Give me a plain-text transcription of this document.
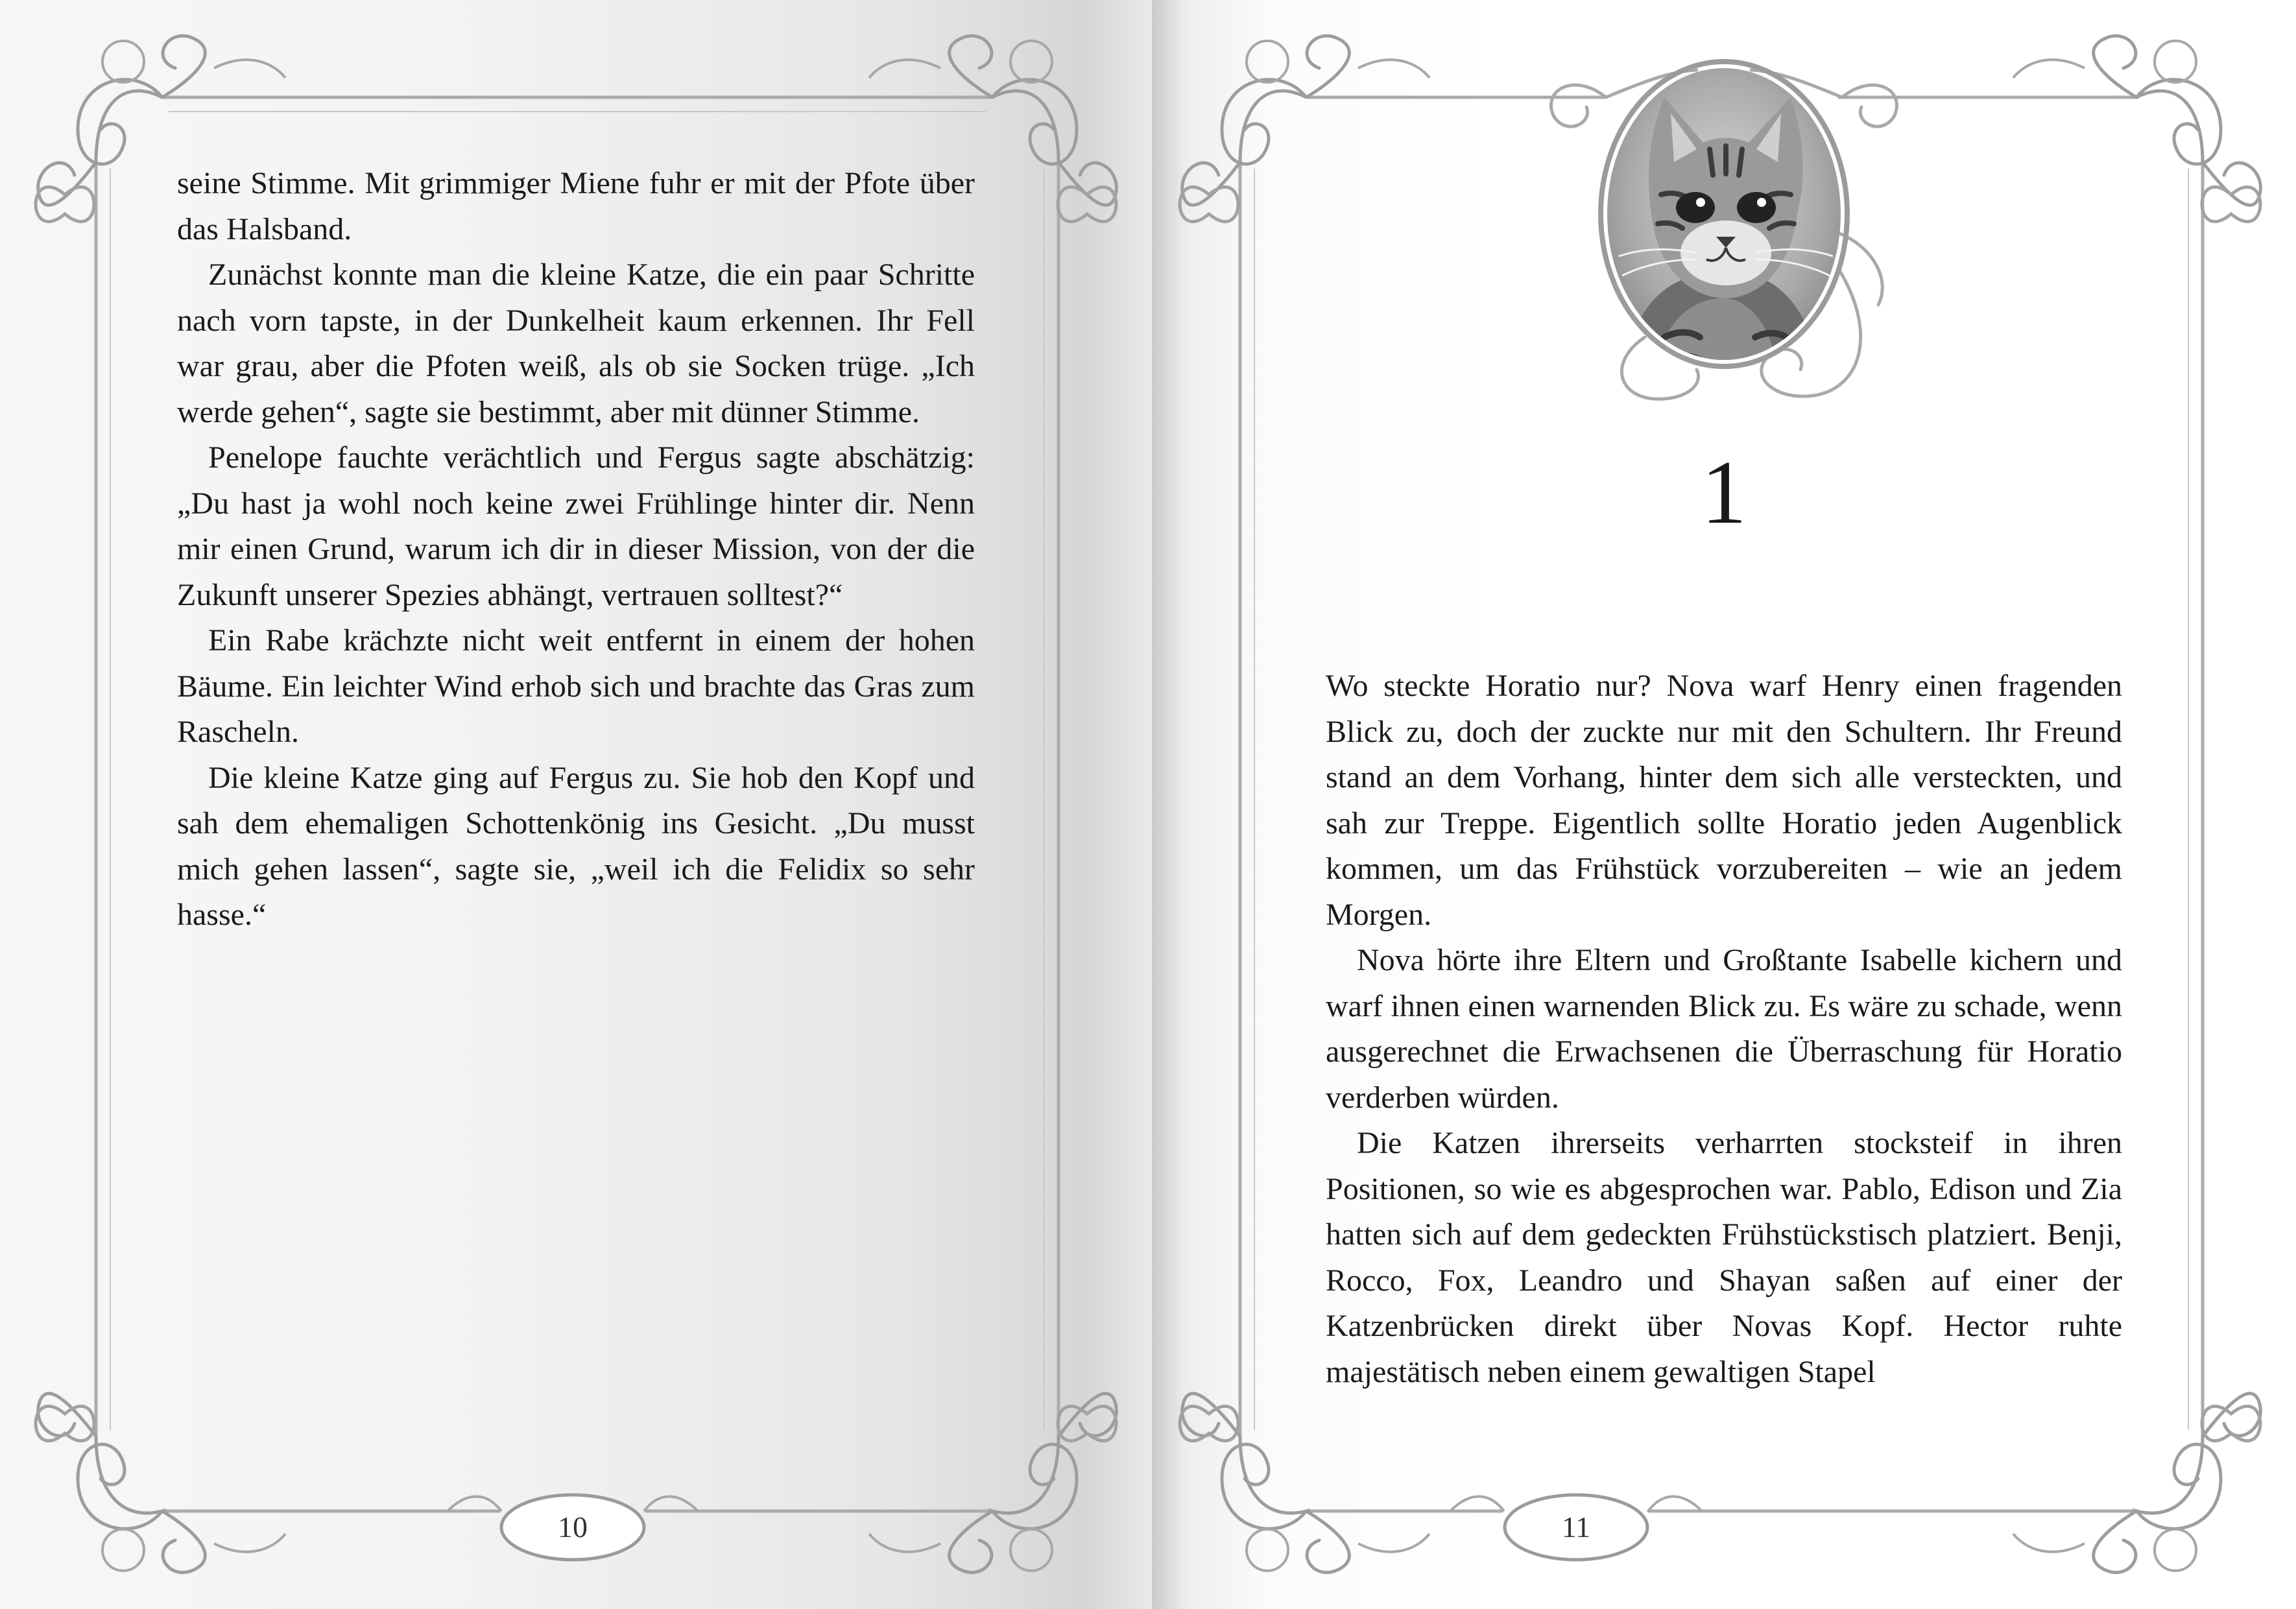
seine Stimme. Mit grimmiger Miene fuhr er mit der Pfote über das Halsband.

Zunächst konnte man die kleine Katze, die ein paar Schritte nach vorn tapste, in der Dunkelheit kaum erkennen. Ihr Fell war grau, aber die Pfoten weiß, als ob sie Socken trüge. „Ich werde gehen“, sagte sie bestimmt, aber mit dünner Stimme.

Penelope fauchte verächtlich und Fergus sagte abschätzig: „Du hast ja wohl noch keine zwei Frühlinge hinter dir. Nenn mir einen Grund, warum ich dir in dieser Mission, von der die Zukunft unserer Spezies abhängt, vertrauen solltest?“

Ein Rabe krächzte nicht weit entfernt in einem der hohen Bäume. Ein leichter Wind erhob sich und brachte das Gras zum Rascheln.

Die kleine Katze ging auf Fergus zu. Sie hob den Kopf und sah dem ehemaligen Schottenkönig ins Gesicht. „Du musst mich gehen lassen“, sagte sie, „weil ich die Felidix so sehr hasse.“

10
1

Wo steckte Horatio nur? Nova warf Henry einen fragenden Blick zu, doch der zuckte nur mit den Schultern. Ihr Freund stand an dem Vorhang, hinter dem sich alle versteckten, und sah zur Treppe. Eigentlich sollte Horatio jeden Augenblick kommen, um das Frühstück vorzubereiten – wie an jedem Morgen.

Nova hörte ihre Eltern und Großtante Isabelle kichern und warf ihnen einen warnenden Blick zu. Es wäre zu schade, wenn ausgerechnet die Erwachsenen die Überraschung für Horatio verderben würden.

Die Katzen ihrerseits verharrten stocksteif in ihren Positionen, so wie es abgesprochen war. Pablo, Edison und Zia hatten sich auf dem gedeckten Frühstückstisch platziert. Benji, Rocco, Fox, Leandro und Shayan saßen auf einer der Katzenbrücken direkt über Novas Kopf. Hector ruhte majestätisch neben einem gewaltigen Stapel

11
